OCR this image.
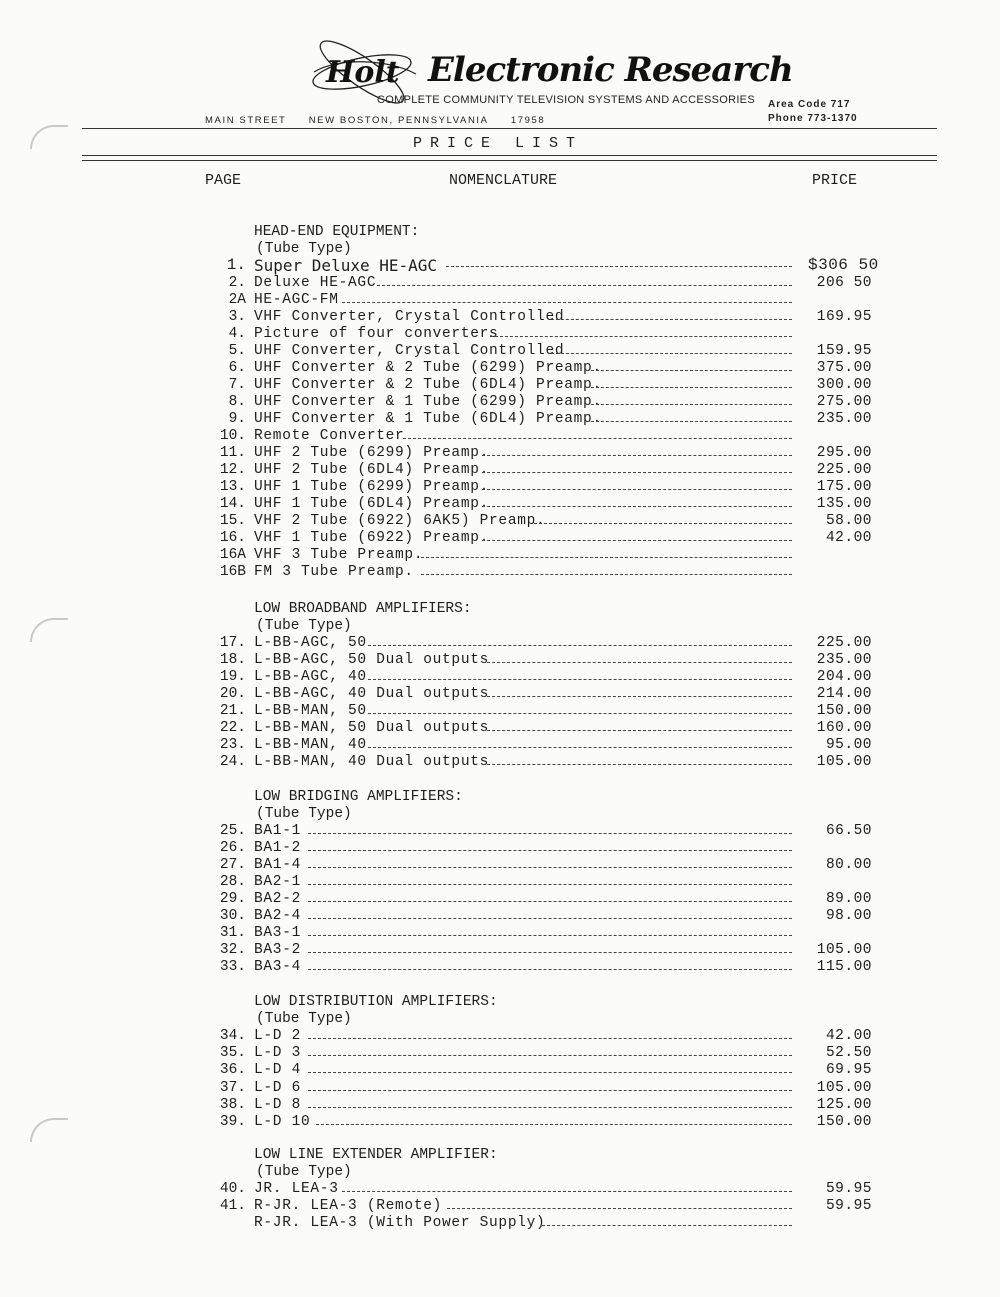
Holt Electronic Research
COMPLETE COMMUNITY TELEVISION SYSTEMS AND ACCESSORIES
MAIN STREET NEW BOSTON, PENNSYLVANIA 17958
Area Code 717
Phone 773-1370
PRICE LIST
PAGE	NOMENCLATURE	PRICE
HEAD-END EQUIPMENT:
(Tube Type)
1. Super Deluxe HE-AGC	$306 50
2. Deluxe HE-AGC	206 50
2A HE-AGC-FM
3. VHF Converter, Crystal Controlled	169.95
4. Picture of four converters
5. UHF Converter, Crystal Controlled	159.95
6. UHF Converter & 2 Tube (6299) Preamp.	375.00
7. UHF Converter & 2 Tube (6DL4) Preamp.	300.00
8. UHF Converter & 1 Tube (6299) Preamp.	275.00
9. UHF Converter & 1 Tube (6DL4) Preamp.	235.00
10. Remote Converter
11. UHF 2 Tube (6299) Preamp.	295.00
12. UHF 2 Tube (6DL4) Preamp.	225.00
13. UHF 1 Tube (6299) Preamp.	175.00
14. UHF 1 Tube (6DL4) Preamp.	135.00
15. VHF 2 Tube (6922) 6AK5) Preamp.	58.00
16. VHF 1 Tube (6922) Preamp.	42.00
16A VHF 3 Tube Preamp.
16B FM 3 Tube Preamp.
LOW BROADBAND AMPLIFIERS:
(Tube Type)
17. L-BB-AGC, 50	225.00
18. L-BB-AGC, 50 Dual outputs	235.00
19. L-BB-AGC, 40	204.00
20. L-BB-AGC, 40 Dual outputs	214.00
21. L-BB-MAN, 50	150.00
22. L-BB-MAN, 50 Dual outputs	160.00
23. L-BB-MAN, 40	95.00
24. L-BB-MAN, 40 Dual outputs	105.00
LOW BRIDGING AMPLIFIERS:
(Tube Type)
25. BA1-1	66.50
26. BA1-2
27. BA1-4	80.00
28. BA2-1
29. BA2-2	89.00
30. BA2-4	98.00
31. BA3-1
32. BA3-2	105.00
33. BA3-4	115.00
LOW DISTRIBUTION AMPLIFIERS:
(Tube Type)
34. L-D 2	42.00
35. L-D 3	52.50
36. L-D 4	69.95
37. L-D 6	105.00
38. L-D 8	125.00
39. L-D 10	150.00
LOW LINE EXTENDER AMPLIFIER:
(Tube Type)
40. JR. LEA-3	59.95
41. R-JR. LEA-3 (Remote)	59.95
R-JR. LEA-3 (With Power Supply)
